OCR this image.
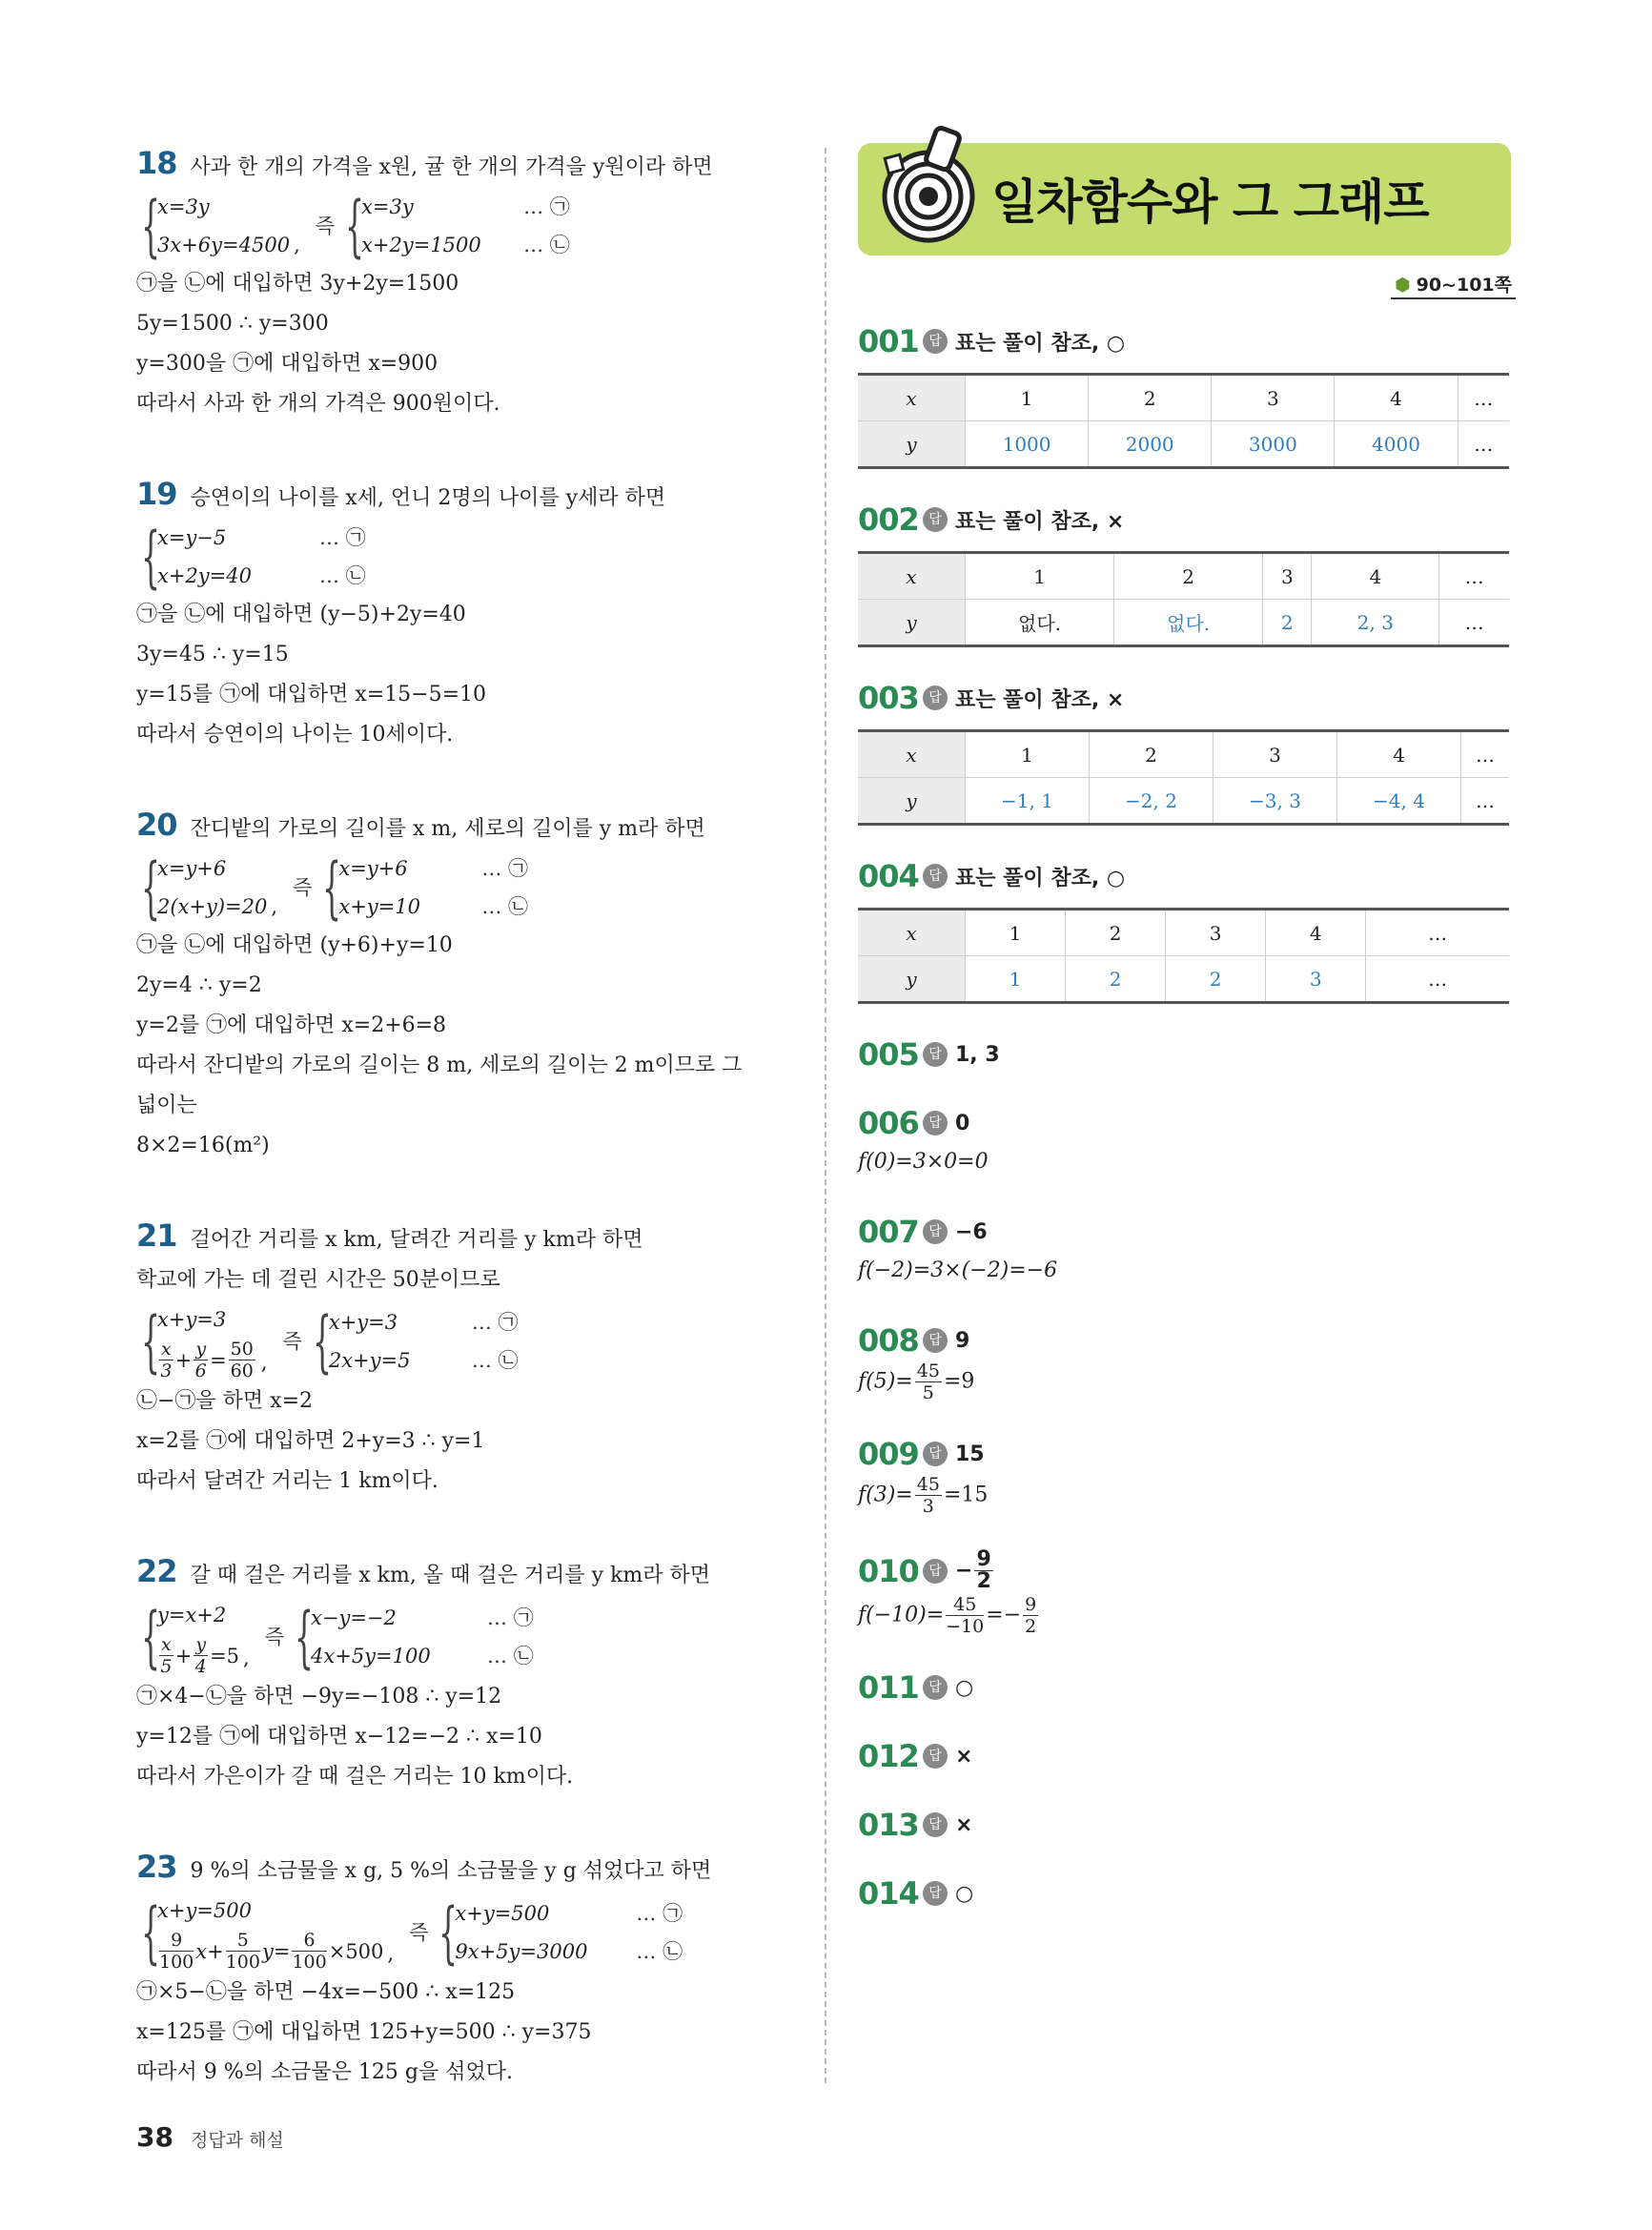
18 사과 한 개의 가격을 x원, 귤 한 개의 가격을 y원이라 하면
{
x=3y
3x+6y=4500 ,
즉 {
x=3y	… ㉠
x+2y=1500	… ㉡
㉠을 ㉡에 대입하면 3y+2y=1500
5y=1500 ∴ y=300
y=300을 ㉠에 대입하면 x=900
따라서 사과 한 개의 가격은 900원이다.
19 승연이의 나이를 x세, 언니 2명의 나이를 y세라 하면
{
x=y−5	… ㉠
x+2y=40	… ㉡
㉠을 ㉡에 대입하면 (y−5)+2y=40
3y=45 ∴ y=15
y=15를 ㉠에 대입하면 x=15−5=10
따라서 승연이의 나이는 10세이다.
20 잔디밭의 가로의 길이를 x m, 세로의 길이를 y m라 하면
{
x=y+6
2(x+y)=20 ,
즉 {
x=y+6	… ㉠
x+y=10	… ㉡
㉠을 ㉡에 대입하면 (y+6)+y=10
2y=4 ∴ y=2
y=2를 ㉠에 대입하면 x=2+6=8
따라서 잔디밭의 가로의 길이는 8 m, 세로의 길이는 2 m이므로 그
넓이는
8×2=16(m²)
21 걸어간 거리를 x km, 달려간 거리를 y km라 하면
학교에 가는 데 걸린 시간은 50분이므로
{
x+y=3
$\frac{x}{3} + \frac{y}{6} = \frac{50}{60}$ ,
즉 {
x+y=3	… ㉠
2x+y=5	… ㉡
㉡−㉠을 하면 x=2
x=2를 ㉠에 대입하면 2+y=3 ∴ y=1
따라서 달려간 거리는 1 km이다.
22 갈 때 걸은 거리를 x km, 올 때 걸은 거리를 y km라 하면
{
y=x+2
$\frac{x}{5} + \frac{y}{4} =5$ ,
즉 {
x−y=−2	… ㉠
4x+5y=100	… ㉡
㉠×4−㉡을 하면 −9y=−108 ∴ y=12
y=12를 ㉠에 대입하면 x−12=−2 ∴ x=10
따라서 가은이가 갈 때 걸은 거리는 10 km이다.
23 9 %의 소금물을 x g, 5 %의 소금물을 y g 섞었다고 하면
{
x+y=500
$\frac{9}{100} x+ \frac{5}{100} y= \frac{6}{100} \times 500$ ,
즉 {
x+y=500	… ㉠
9x+5y=3000	… ㉡
㉠×5−㉡을 하면 −4x=−500 ∴ x=125
x=125를 ㉠에 대입하면 125+y=500 ∴ y=375
따라서 9 %의 소금물은 125 g을 섞었다.
일차함수와 그 그래프
⬢ 90~101쪽
001 답 표는 풀이 참조, ○
x	1	2	3	4	…
y	1000	2000	3000	4000	…
002 답 표는 풀이 참조, ×
x	1	2	3	4	…
y	없다.	없다.	2	2, 3	…
003 답 표는 풀이 참조, ×
x	1	2	3	4	…
y	−1, 1	−2, 2	−3, 3	−4, 4	…
004 답 표는 풀이 참조, ○
x	1	2	3	4	…
y	1	2	2	3	…
005 답 1, 3
006 답 0
f(0)=3×0=0
007 답 −6
f(−2)=3×(−2)=−6
008 답 9
$f(5)= \frac{45}{5} =9$
009 답 15
$f(3)= \frac{45}{3} =15$
010 답 − $\frac{9}{2}$
$f(-10)= \frac{45}{-10} =- \frac{9}{2}$
011 답 ○
012 답 ×
013 답 ×
014 답 ○
38 정답과 해설
